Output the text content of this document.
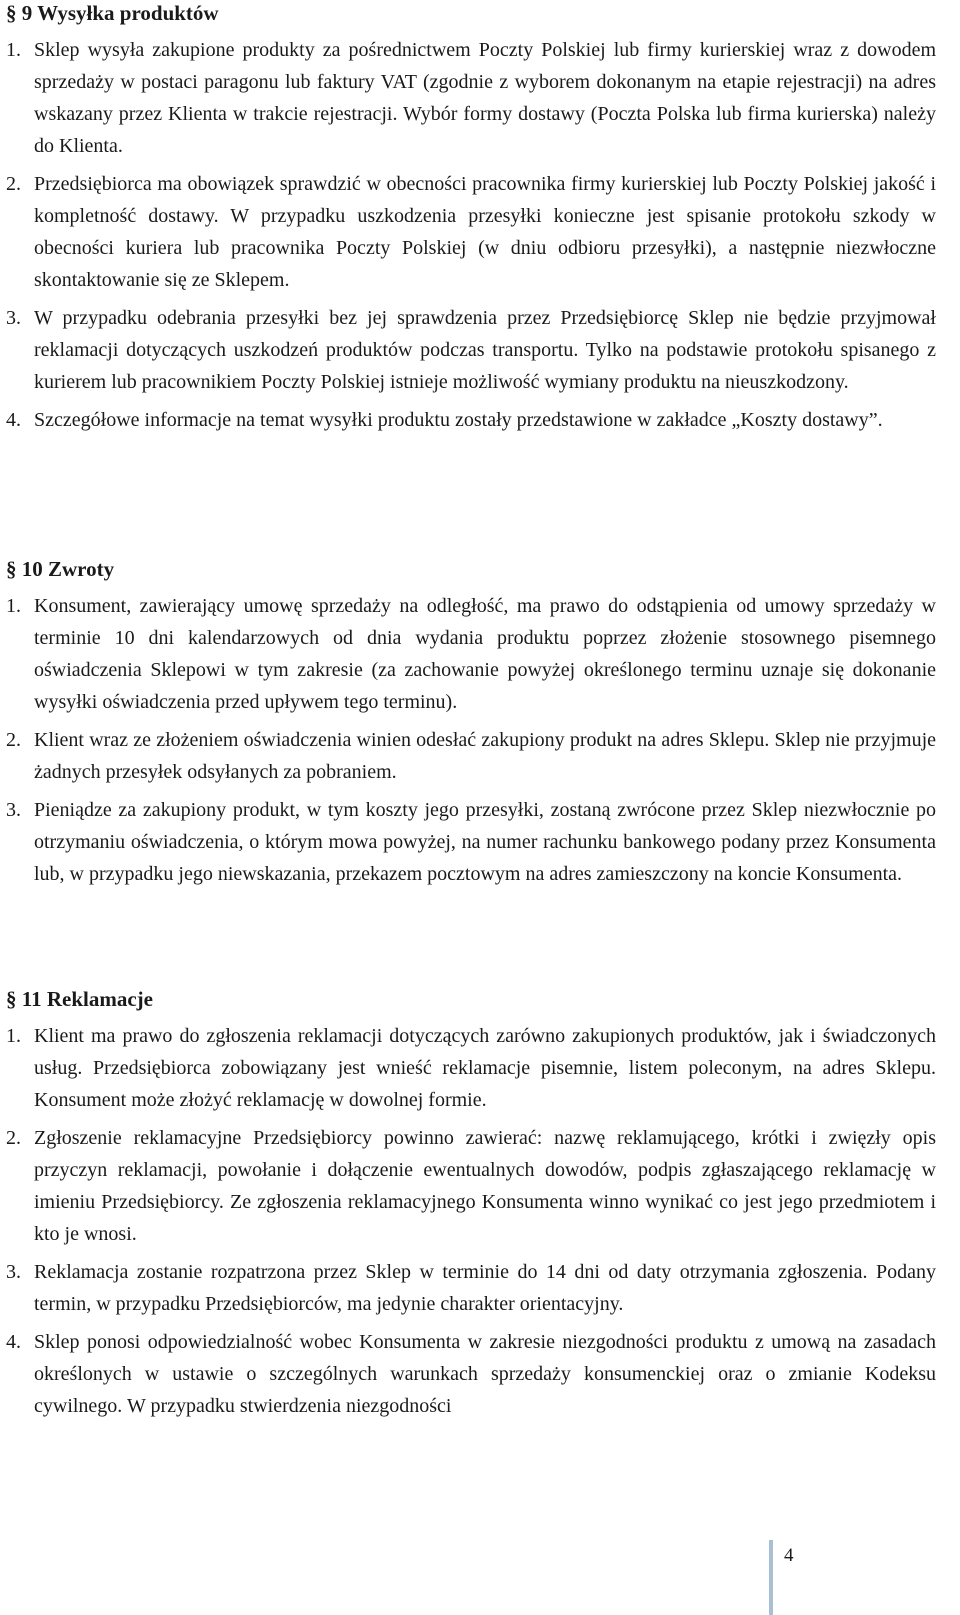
§ 9 Wysyłka produktów
1. Sklep wysyła zakupione produkty za pośrednictwem Poczty Polskiej lub firmy kurierskiej wraz z dowodem sprzedaży w postaci paragonu lub faktury VAT (zgodnie z wyborem dokonanym na etapie rejestracji) na adres wskazany przez Klienta w trakcie rejestracji. Wybór formy dostawy (Poczta Polska lub firma kurierska) należy do Klienta.
2. Przedsiębiorca ma obowiązek sprawdzić w obecności pracownika firmy kurierskiej lub Poczty Polskiej jakość i kompletność dostawy. W przypadku uszkodzenia przesyłki konieczne jest spisanie protokołu szkody w obecności kuriera lub pracownika Poczty Polskiej (w dniu odbioru przesyłki), a następnie niezwłoczne skontaktowanie się ze Sklepem.
3. W przypadku odebrania przesyłki bez jej sprawdzenia przez Przedsiębiorcę Sklep nie będzie przyjmował reklamacji dotyczących uszkodzeń produktów podczas transportu. Tylko na podstawie protokołu spisanego z kurierem lub pracownikiem Poczty Polskiej istnieje możliwość wymiany produktu na nieuszkodzony.
4. Szczegółowe informacje na temat wysyłki produktu zostały przedstawione w zakładce „Koszty dostawy”.
§ 10 Zwroty
1. Konsument, zawierający umowę sprzedaży na odległość, ma prawo do odstąpienia od umowy sprzedaży w terminie 10 dni kalendarzowych od dnia wydania produktu poprzez złożenie stosownego pisemnego oświadczenia Sklepowi w tym zakresie (za zachowanie powyżej określonego terminu uznaje się dokonanie wysyłki oświadczenia przed upływem tego terminu).
2. Klient wraz ze złożeniem oświadczenia winien odesłać zakupiony produkt na adres Sklepu. Sklep nie przyjmuje żadnych przesyłek odsyłanych za pobraniem.
3. Pieniądze za zakupiony produkt, w tym koszty jego przesyłki, zostaną zwrócone przez Sklep niezwłocznie po otrzymaniu oświadczenia, o którym mowa powyżej, na numer rachunku bankowego podany przez Konsumenta lub, w przypadku jego niewskazania, przekazem pocztowym na adres zamieszczony na koncie Konsumenta.
§ 11 Reklamacje
1. Klient ma prawo do zgłoszenia reklamacji dotyczących zarówno zakupionych produktów, jak i świadczonych usług. Przedsiębiorca zobowiązany jest wnieść reklamacje pisemnie, listem poleconym, na adres Sklepu. Konsument może złożyć reklamację w dowolnej formie.
2. Zgłoszenie reklamacyjne Przedsiębiorcy powinno zawierać: nazwę reklamującego, krótki i zwięzły opis przyczyn reklamacji, powołanie i dołączenie ewentualnych dowodów, podpis zgłaszającego reklamację w imieniu Przedsiębiorcy. Ze zgłoszenia reklamacyjnego Konsumenta winno wynikać co jest jego przedmiotem i kto je wnosi.
3. Reklamacja zostanie rozpatrzona przez Sklep w terminie do 14 dni od daty otrzymania zgłoszenia. Podany termin, w przypadku Przedsiębiorców, ma jedynie charakter orientacyjny.
4. Sklep ponosi odpowiedzialność wobec Konsumenta w zakresie niezgodności produktu z umową na zasadach określonych w ustawie o szczególnych warunkach sprzedaży konsumenckiej oraz o zmianie Kodeksu cywilnego. W przypadku stwierdzenia niezgodności
4
